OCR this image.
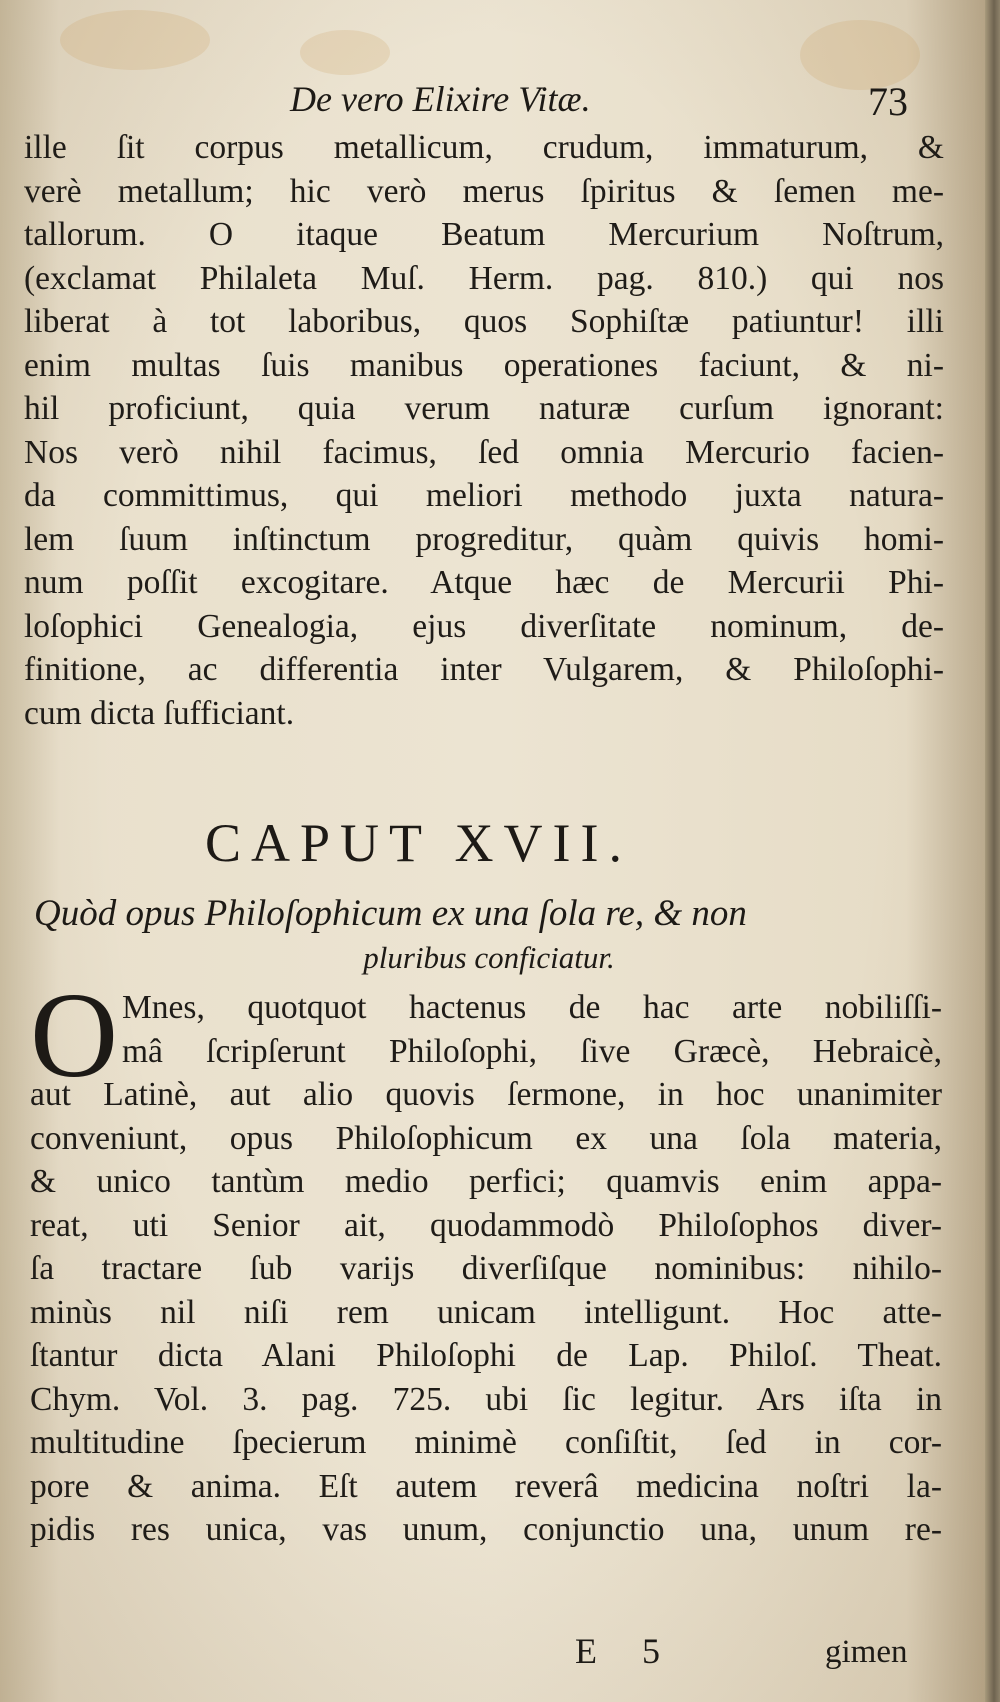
De vero Elixire Vitæ.	73
ille ſit corpus metallicum, crudum, immaturum, &
verè metallum; hic verò merus ſpiritus & ſemen me-
tallorum. O itaque Beatum Mercurium Noſtrum,
(exclamat Philaleta Muſ. Herm. pag. 810.) qui nos
liberat à tot laboribus, quos Sophiſtæ patiuntur! illi
enim multas ſuis manibus operationes faciunt, & ni-
hil proficiunt, quia verum naturæ curſum ignorant:
Nos verò nihil facimus, ſed omnia Mercurio facien-
da committimus, qui meliori methodo juxta natura-
lem ſuum inſtinctum progreditur, quàm quivis homi-
num poſſit excogitare. Atque hæc de Mercurii Phi-
loſophici Genealogia, ejus diverſitate nominum, de-
finitione, ac differentia inter Vulgarem, & Philoſophi-
cum dicta ſufficiant.
CAPUT XVII.
Quòd opus Philoſophicum ex una ſola re, & non
pluribus conficiatur.
O Mnes, quotquot hactenus de hac arte nobiliſſi-
mâ ſcripſerunt Philoſophi, ſive Græcè, Hebraicè,
aut Latinè, aut alio quovis ſermone, in hoc unanimiter
conveniunt, opus Philoſophicum ex una ſola materia,
& unico tantùm medio perfici; quamvis enim appa-
reat, uti Senior ait, quodammodò Philoſophos diver-
ſa tractare ſub varijs diverſiſque nominibus: nihilo-
minùs nil niſi rem unicam intelligunt. Hoc atte-
ſtantur dicta Alani Philoſophi de Lap. Philoſ. Theat.
Chym. Vol. 3. pag. 725. ubi ſic legitur. Ars iſta in
multitudine ſpecierum minimè conſiſtit, ſed in cor-
pore & anima. Eſt autem reverâ medicina noſtri la-
pidis res unica, vas unum, conjunctio una, unum re-
E 5	gimen
